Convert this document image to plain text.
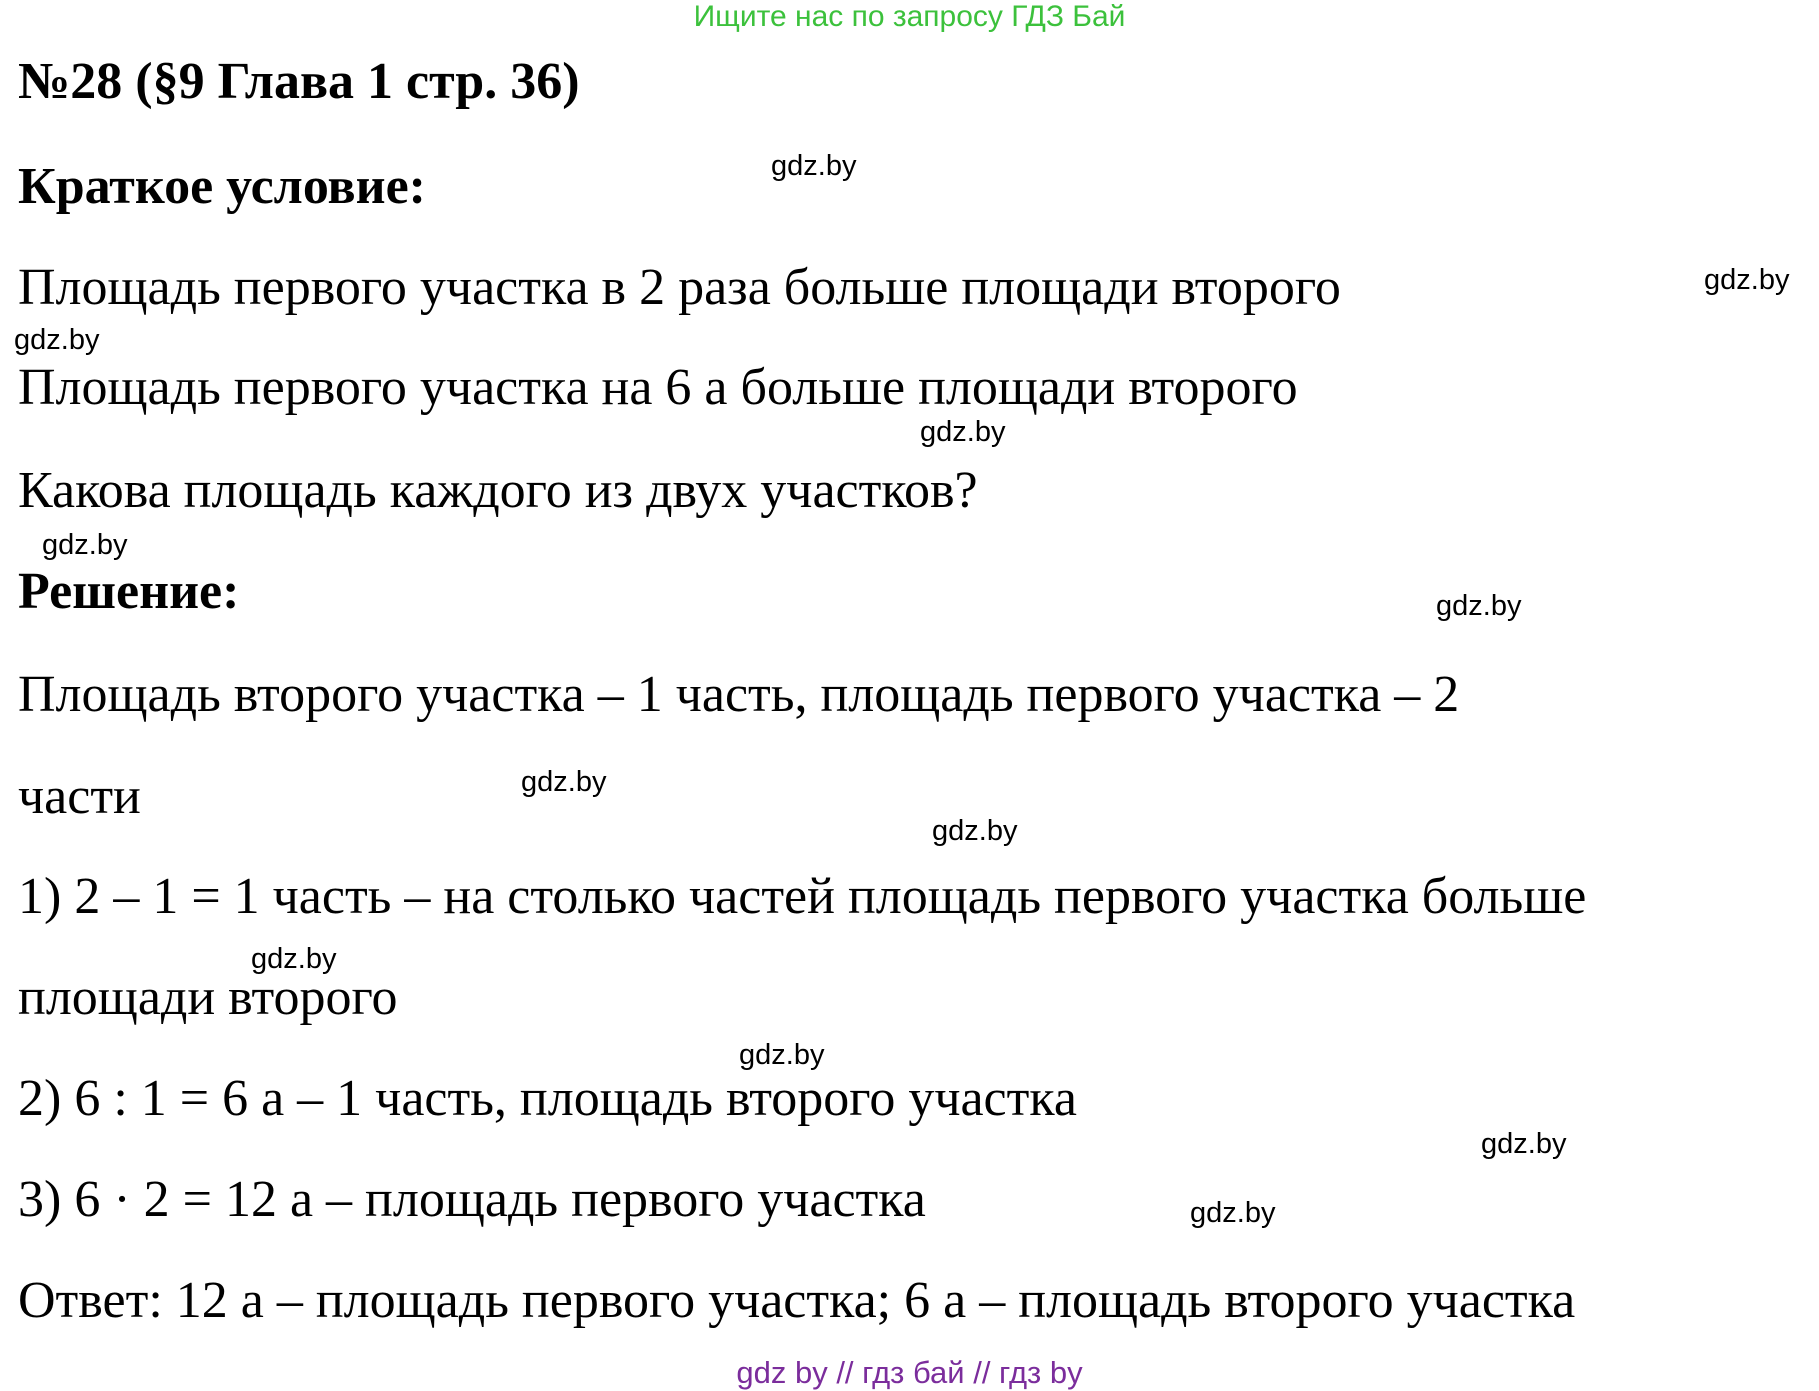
Ищите нас по запросу ГДЗ Бай
№28 (§9 Глава 1 стр. 36)
Краткое условие:
Площадь первого участка в 2 раза больше площади второго
Площадь первого участка на 6 а больше площади второго
Какова площадь каждого из двух участков?
Решение:
Площадь второго участка – 1 часть, площадь первого участка – 2
части
1) 2 – 1 = 1 часть – на столько частей площадь первого участка больше
площади второго
2) 6 : 1 = 6 а – 1 часть, площадь второго участка
3) 6 · 2 = 12 а – площадь первого участка
Ответ: 12 а – площадь первого участка; 6 а – площадь второго участка
gdz.by
gdz.by
gdz.by
gdz.by
gdz.by
gdz.by
gdz.by
gdz.by
gdz.by
gdz.by
gdz.by
gdz.by
gdz by // гдз бай // гдз by
